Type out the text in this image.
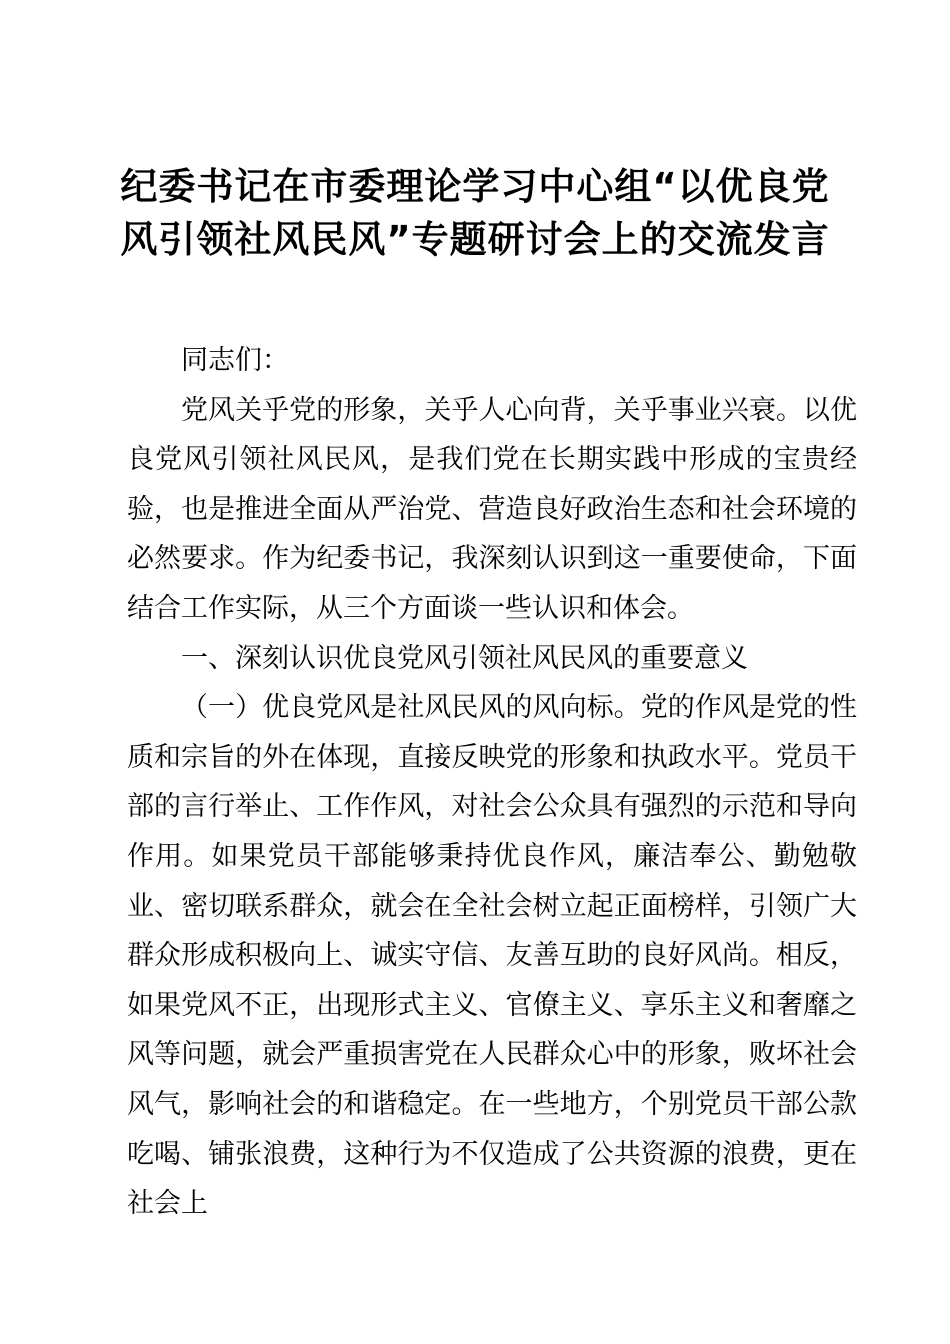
纪委书记在市委理论学习中心组“以优良党风引领社风民风”专题研讨会上的交流发言

同志们：

党风关乎党的形象，关乎人心向背，关乎事业兴衰。以优良党风引领社风民风，是我们党在长期实践中形成的宝贵经验，也是推进全面从严治党、营造良好政治生态和社会环境的必然要求。作为纪委书记，我深刻认识到这一重要使命，下面结合工作实际，从三个方面谈一些认识和体会。

一、深刻认识优良党风引领社风民风的重要意义

（一）优良党风是社风民风的风向标。党的作风是党的性质和宗旨的外在体现，直接反映党的形象和执政水平。党员干部的言行举止、工作作风，对社会公众具有强烈的示范和导向作用。如果党员干部能够秉持优良作风，廉洁奉公、勤勉敬业、密切联系群众，就会在全社会树立起正面榜样，引领广大群众形成积极向上、诚实守信、友善互助的良好风尚。相反，如果党风不正，出现形式主义、官僚主义、享乐主义和奢靡之风等问题，就会严重损害党在人民群众心中的形象，败坏社会风气，影响社会的和谐稳定。在一些地方，个别党员干部公款吃喝、铺张浪费，这种行为不仅造成了公共资源的浪费，更在社会上
